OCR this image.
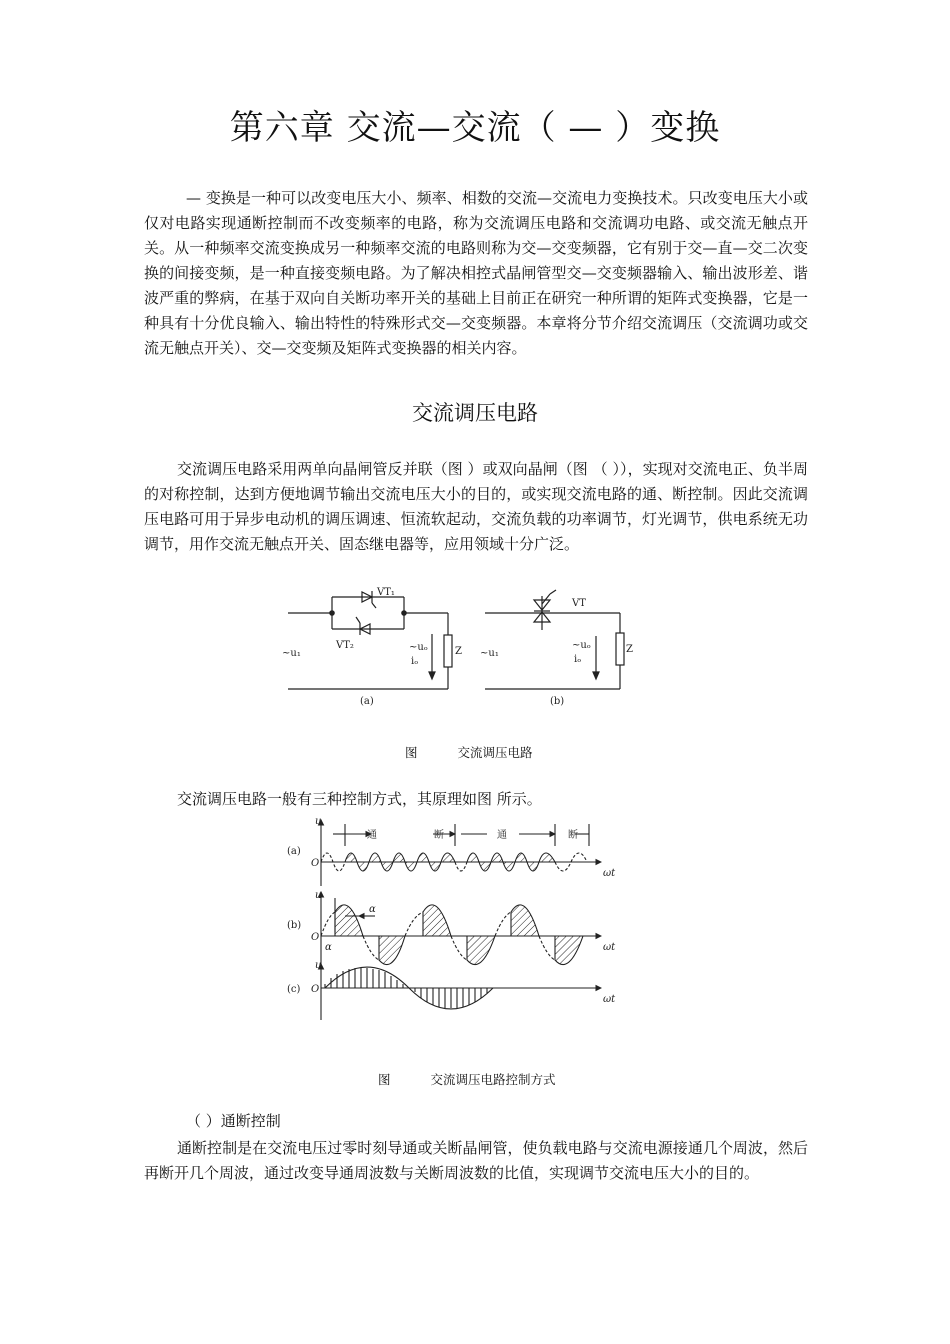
第六章 交流—交流（ — ）变换

— 变换是一种可以改变电压大小、频率、相数的交流—交流电力变换技术。只改变电压大小或仅对电路实现通断控制而不改变频率的电路，称为交流调压电路和交流调功电路、或交流无触点开关。从一种频率交流变换成另一种频率交流的电路则称为交—交变频器，它有别于交—直—交二次变换的间接变频，是一种直接变频电路。为了解决相控式晶闸管型交—交变频器输入、输出波形差、谐波严重的弊病，在基于双向自关断功率开关的基础上目前正在研究一种所谓的矩阵式变换器，它是一种具有十分优良输入、输出特性的特殊形式交—交变频器。本章将分节介绍交流调压（交流调功或交流无触点开关）、交—交变频及矩阵式变换器的相关内容。

交流调压电路

交流调压电路采用两单向晶闸管反并联（图 ）或双向晶闸（图 （ ）），实现对交流电正、负半周的对称控制，达到方便地调节输出交流电压大小的目的，或实现交流电路的通、断控制。因此交流调压电路可用于异步电动机的调压调速、恒流软起动，交流负载的功率调节，灯光调节，供电系统无功调节，用作交流无触点开关、固态继电器等，应用领域十分广泛。

VT₁
VT₂
~u₁
~uₒ
iₒ
Z
(a)
VT
~u₁
~uₒ
iₒ
Z
(b)

图	交流调压电路

交流调压电路一般有三种控制方式，其原理如图 所示。

u
O
(a)
通	断	通	断
ωt
u
O
(b)
α
α	ωt
u
O
(c)
ωt

图	交流调压电路控制方式

（ ）通断控制

通断控制是在交流电压过零时刻导通或关断晶闸管，使负载电路与交流电源接通几个周波，然后再断开几个周波，通过改变导通周波数与关断周波数的比值，实现调节交流电压大小的目的。
